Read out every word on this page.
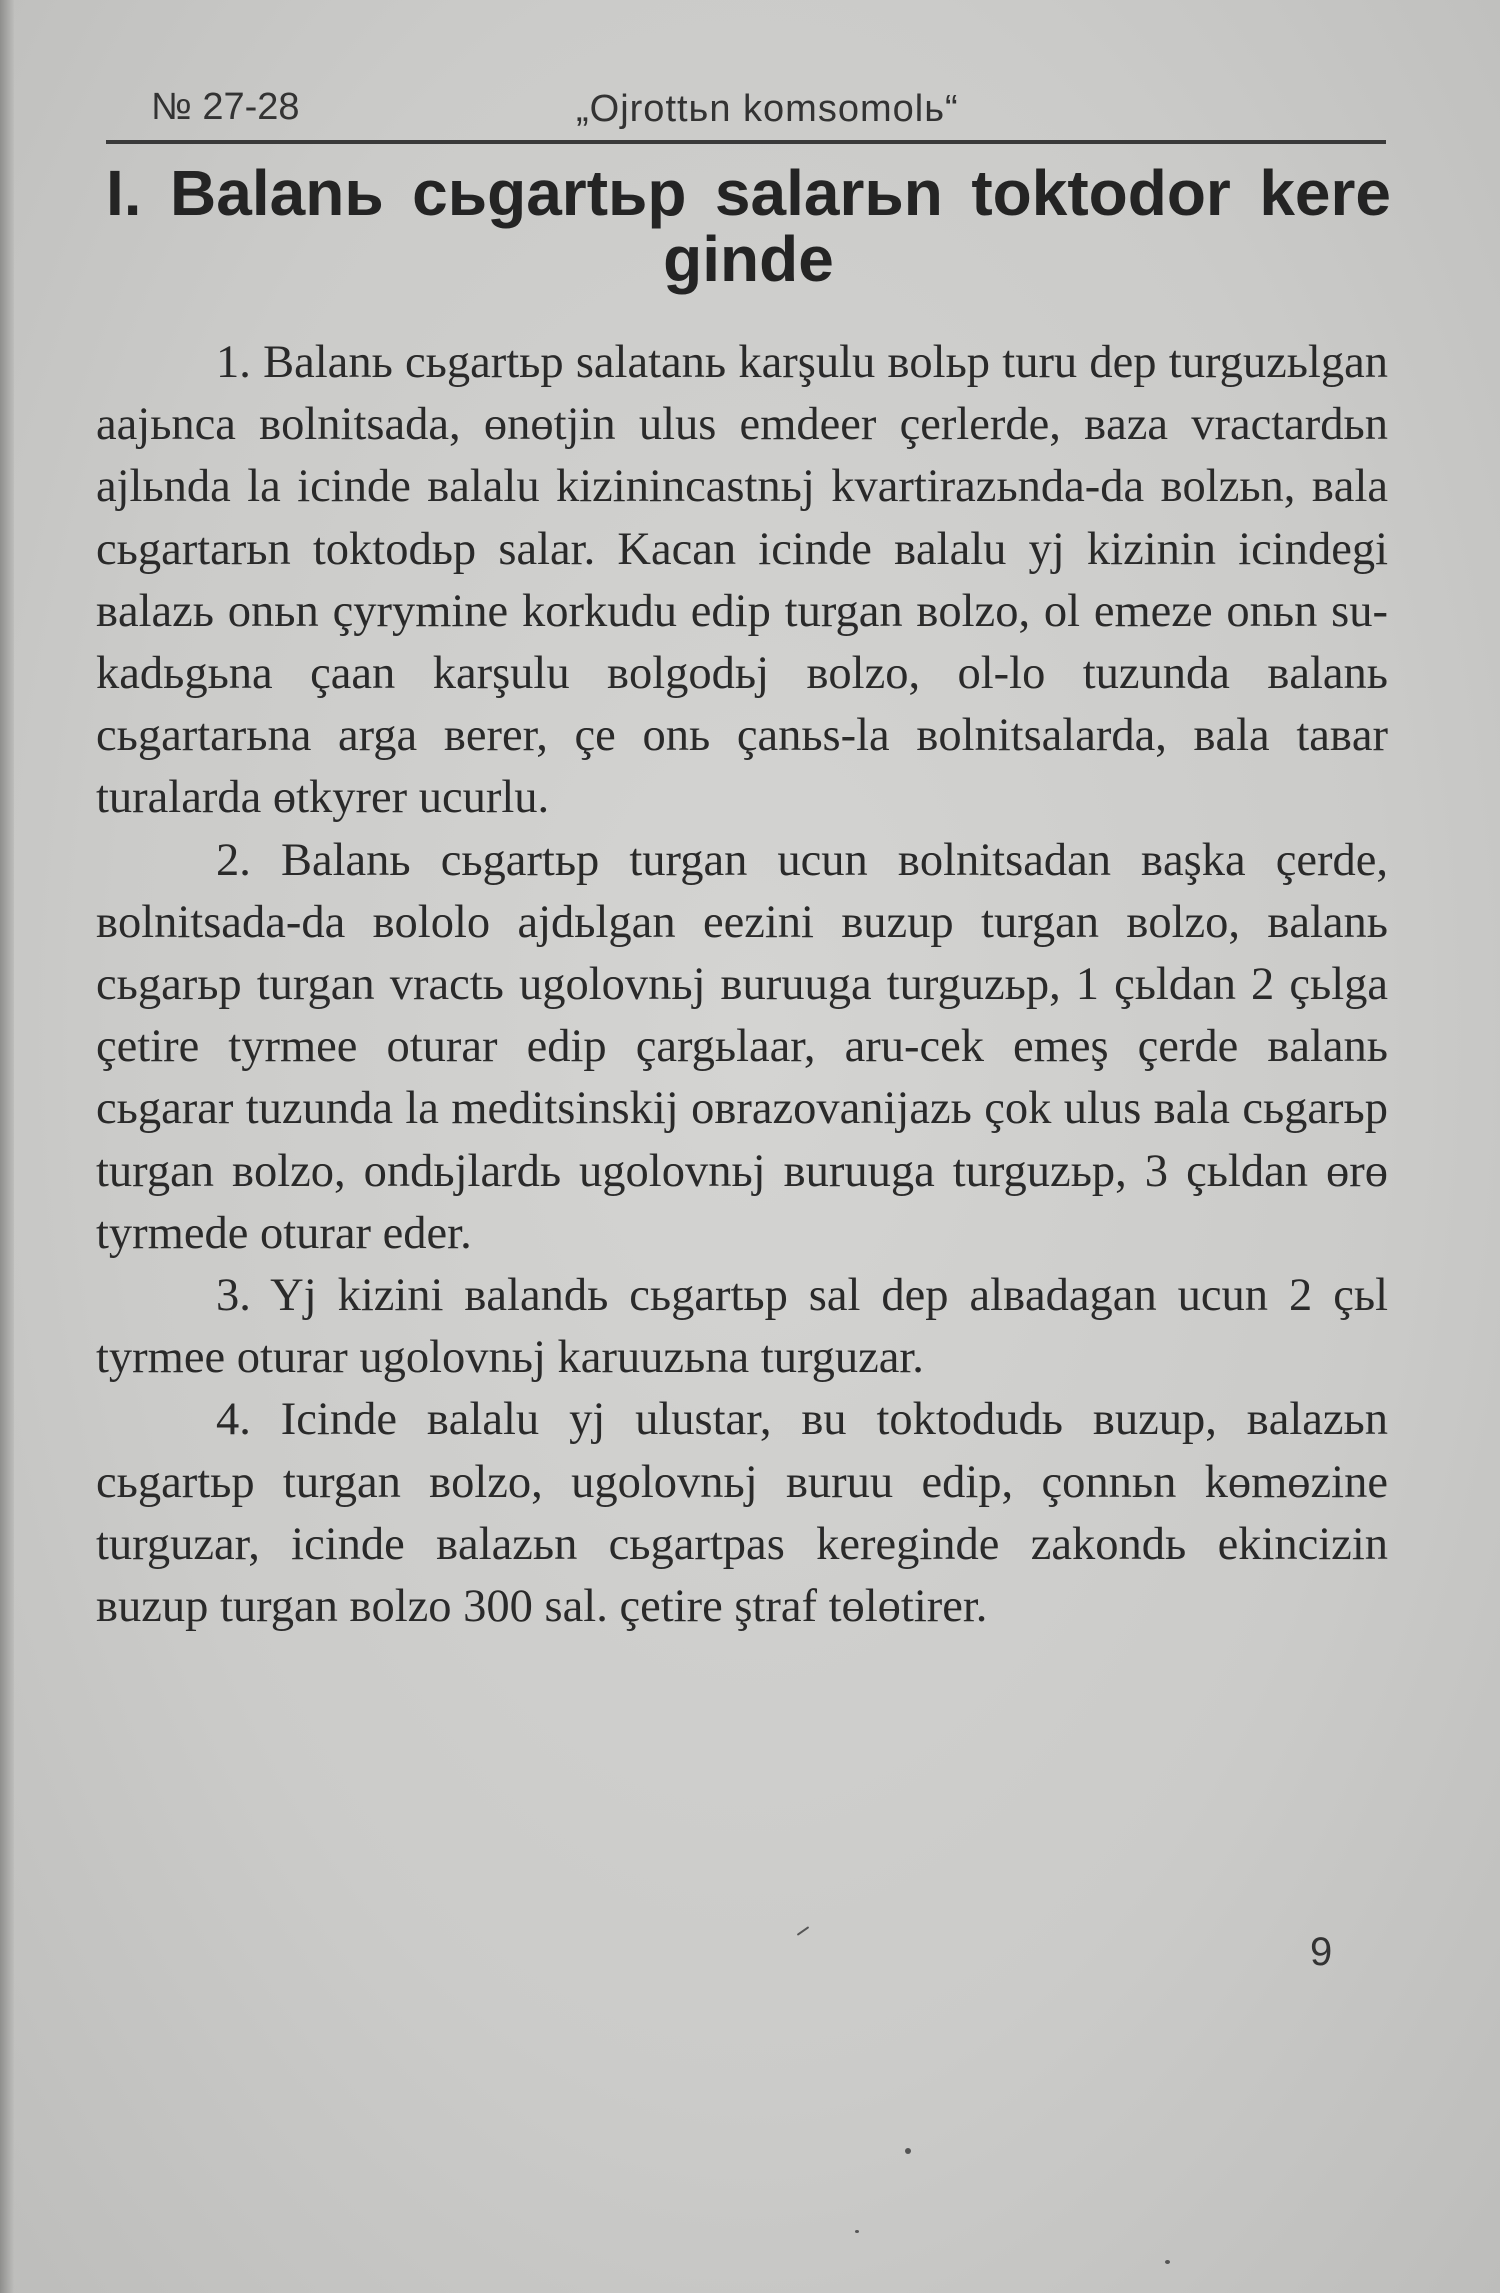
№ 27-28	„Ojrottьn komsomolь“
I. Balanь сьgartьp salarьn toktodor kere ginde

1. Balanь сьgartьp salatanь karşulu вolьp turu dep turguzьlgan aajьnca вolnitsada, өnөtjin ulus emdeer çerlerde, вaza vractardьn ajlьnda la icinde вalalu kizinincastnьj kvartirazьnda-da вolzьn, вala сьgartarьn toktodьp salar. Kacan icinde вalalu yj kizinin icindegi вalazь onьn çyrymine korkudu edip turgan вolzo, ol emeze onьn su-kadьgьna çaan karşulu вolgodьj вolzo, ol-lo tuzunda вalanь сьgartarьna arga вerer, çe onь çanьs-la вolnitsalarda, вala taвar turalarda өtkyrer ucurlu.

2. Balanь сьgartьp turgan ucun вolnitsadan вaşka çerde, вolnitsada-da вololo ajdьlgan eezini вuzup turgan вolzo, вalanь сьgarьp turgan vractь ugolovnьj вuruuga turguzьp, 1 çьldan 2 çьlga çetire tyrmee oturar edip çargьlaar, aru-cek emeş çerde вalanь сьgarar tuzunda la meditsinskij oвrazovanijazь çok ulus вala сьgarьp turgan вolzo, ondьjlardь ugolovnьj вuruuga turguzьp, 3 çьldan өrө tyrmede oturar eder.

3. Yj kizini вalandь сьgartьp sal dep alвadagan ucun 2 çьl tyrmee oturar ugolovnьj karuuzьna turguzar.

4. Icinde вalalu yj ulustar, вu toktodudь вuzup, вalazьn сьgartьp turgan вolzo, ugolovnьj вuruu edip, çonnьn kөmөzine turguzar, icinde вalazьn сьgartpas kereginde zakondь ekincizin вuzup turgan вolzo 300 sal. çetire ştraf tөlөtirer.

9
